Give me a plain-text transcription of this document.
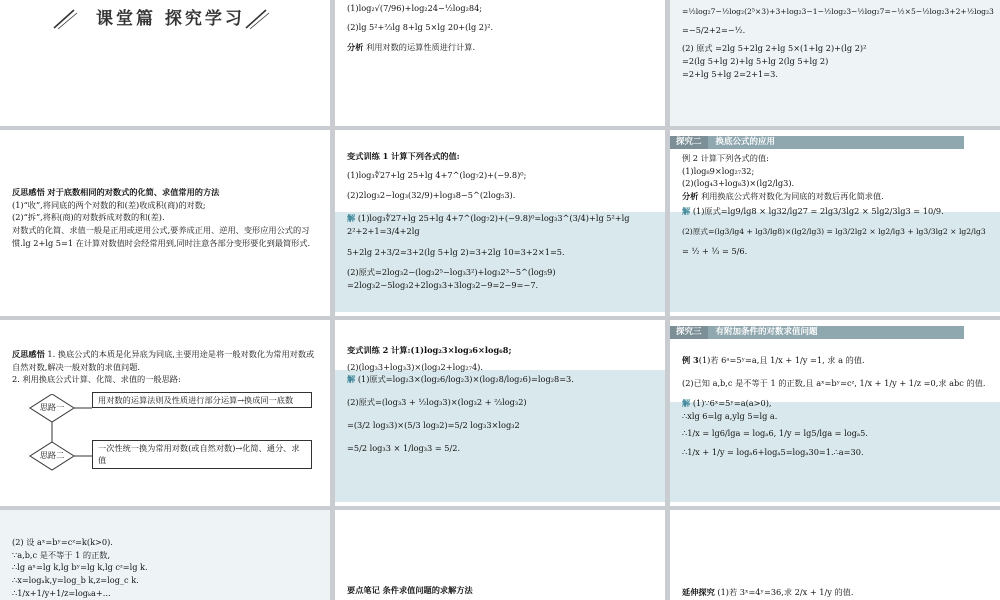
课堂篇 探究学习
(1)log₂√(7/96)+log₂24−½log₂84;
(2)lg 5²+⅔lg 8+lg 5×lg 20+(lg 2)².
分析 利用对数的运算性质进行计算.
=½log₂7−½log₂(2⁵×3)+3+log₂3−1−½log₂3−½log₂7=−½×5−½log₂3+2+½log₂3
=−5/2+2=−½.
(2) 原式 =2lg 5+2lg 2+lg 5×(1+lg 2)+(lg 2)²
=2(lg 5+lg 2)+lg 5+lg 2(lg 5+lg 2)
=2+lg 5+lg 2=2+1=3.
反思感悟 对于底数相同的对数式的化简、求值常用的方法
(1)“收”,将同底的两个对数的和(差)收成积(商)的对数;
(2)“拆”,将积(商)的对数拆成对数的和(差).
对数式的化简、求值一般是正用或逆用公式,要养成正用、逆用、变形应用公式的习惯.lg 2+lg 5=1 在计算对数值时会经常用到,同时注意各部分变形要化到最简形式.
变式训练 1 计算下列各式的值:
(1)log₃∜27+lg 25+lg 4+7^(log₇2)+(−9.8)⁰;
(2)2log₃2−log₃(32/9)+log₃8−5^(2log₅3).
解 (1)log₃∜27+lg 25+lg 4+7^(log₇2)+(−9.8)⁰=log₃3^(3/4)+lg 5²+lg 2²+2+1=3/4+2lg
5+2lg 2+3/2=3+2(lg 5+lg 2)=3+2lg 10=3+2×1=5.
(2)原式=2log₃2−(log₃2⁵−log₃3²)+log₃2³−5^(log₅9)
=2log₃2−5log₃2+2log₃3+3log₃2−9=2−9=−7.
探究二	换底公式的应用
例 2 计算下列各式的值:
(1)log₈9×log₂₇32;
(2)(log₄3+log₈3)×(lg2/lg3).
分析 利用换底公式将对数化为同底的对数后再化简求值.
解 (1)原式=lg9/lg8 × lg32/lg27 = 2lg3/3lg2 × 5lg2/3lg3 = 10/9.
(2)原式=(lg3/lg4 + lg3/lg8)×(lg2/lg3) = lg3/2lg2 × lg2/lg3 + lg3/3lg2 × lg2/lg3
= ½ + ⅓ = 5/6.
反思感悟 1. 换底公式的本质是化异底为同底,主要用途是将一般对数化为常用对数或自然对数,解决一般对数的求值问题.
2. 利用换底公式计算、化简、求值的一般思路:
思路一
思路二
用对数的运算法则及性质进行部分运算→换成同一底数
一次性统一换为常用对数(或自然对数)→化简、通分、求值
变式训练 2 计算:(1)log₂3×log₃6×log₆8;
(2)(log₃3+log₃3)×(log₃2+log₂₇4).
解 (1)原式=log₂3×(log₂6/log₂3)×(log₂8/log₂6)=log₂8=3.
(2)原式=(log₃3 + ½log₃3)×(log₃2 + ⅔log₃2)
=(3/2 log₃3)×(5/3 log₃2)=5/2 log₃3×log₃2
=5/2 log₃3 × 1/log₃3 = 5/2.
探究三	有附加条件的对数求值问题
例 3(1)若 6ᵃ=5ʸ=a,且 1/x + 1/y =1, 求 a 的值.
(2)已知 a,b,c 是不等于 1 的正数,且 aˣ=bʸ=cᶻ, 1/x + 1/y + 1/z =0,求 abc 的值.
解 (1)∵6ˣ=5ʸ=a(a>0),
∴xlg 6=lg a,ylg 5=lg a.
∴1/x = lg6/lga = logₐ6, 1/y = lg5/lga = logₐ5.
∴1/x + 1/y = logₐ6+logₐ5=logₐ30=1.∴a=30.
(2) 设 aˣ=bʸ=cᶻ=k(k>0).
∵a,b,c 是不等于 1 的正数,
∴lg aˣ=lg k,lg bʸ=lg k,lg cᶻ=lg k.
∴x=logₐk,y=log_b k,z=log_c k.
∴1/x+1/y+1/z=logₖa+...	要点笔记 条件求值问题的求解方法	延伸探究 (1)若 3ˣ=4ʸ=36,求 2/x + 1/y 的值.
